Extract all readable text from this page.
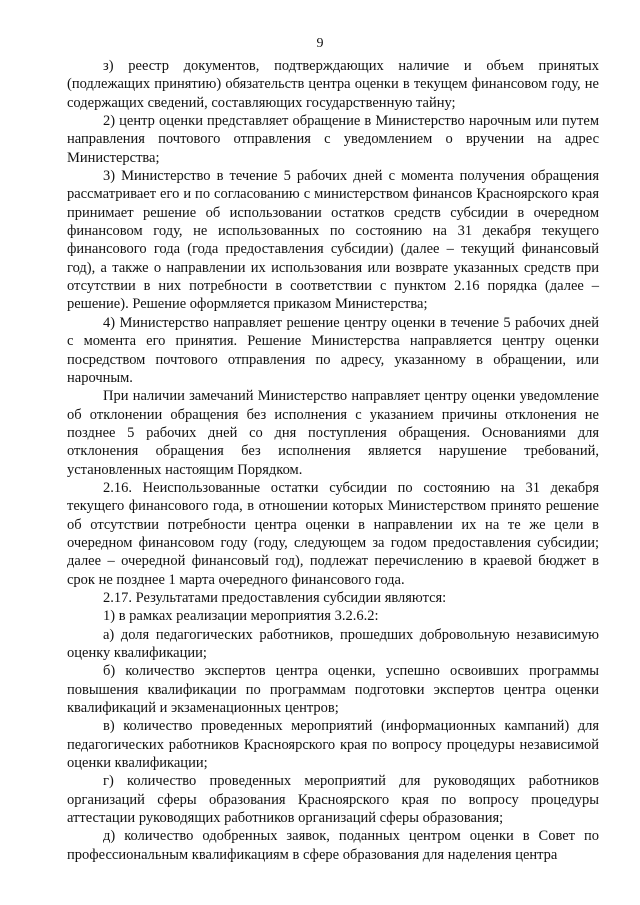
9

з) реестр документов, подтверждающих наличие и объем принятых (подлежащих принятию) обязательств центра оценки в текущем финансовом году, не содержащих сведений, составляющих государственную тайну;

2) центр оценки представляет обращение в Министерство нарочным или путем направления почтового отправления с уведомлением о вручении на адрес Министерства;

3) Министерство в течение 5 рабочих дней с момента получения обращения рассматривает его и по согласованию с министерством финансов Красноярского края принимает решение об использовании остатков средств субсидии в очередном финансовом году, не использованных по состоянию на 31 декабря текущего финансового года (года предоставления субсидии) (далее – текущий финансовый год), а также о направлении их использования или возврате указанных средств при отсутствии в них потребности в соответствии с пунктом 2.16 порядка (далее – решение). Решение оформляется приказом Министерства;

4) Министерство направляет решение центру оценки в течение 5 рабочих дней с момента его принятия. Решение Министерства направляется центру оценки посредством почтового отправления по адресу, указанному в обращении, или нарочным.

При наличии замечаний Министерство направляет центру оценки уведомление об отклонении обращения без исполнения с указанием причины отклонения не позднее 5 рабочих дней со дня поступления обращения. Основаниями для отклонения обращения без исполнения является нарушение требований, установленных настоящим Порядком.

2.16. Неиспользованные остатки субсидии по состоянию на 31 декабря текущего финансового года, в отношении которых Министерством принято решение об отсутствии потребности центра оценки в направлении их на те же цели в очередном финансовом году (году, следующем за годом предоставления субсидии; далее – очередной финансовый год), подлежат перечислению в краевой бюджет в срок не позднее 1 марта очередного финансового года.

2.17. Результатами предоставления субсидии являются:

1) в рамках реализации мероприятия 3.2.6.2:

а) доля педагогических работников, прошедших добровольную независимую оценку квалификации;

б) количество экспертов центра оценки, успешно освоивших программы повышения квалификации по программам подготовки экспертов центра оценки квалификаций и экзаменационных центров;

в) количество проведенных мероприятий (информационных кампаний) для педагогических работников Красноярского края по вопросу процедуры независимой оценки квалификации;

г) количество проведенных мероприятий для руководящих работников организаций сферы образования Красноярского края по вопросу процедуры аттестации руководящих работников организаций сферы образования;

д) количество одобренных заявок, поданных центром оценки в Совет по профессиональным квалификациям в сфере образования для наделения центра
